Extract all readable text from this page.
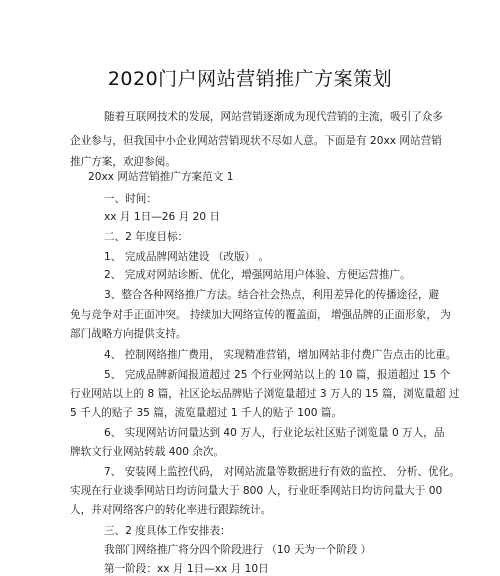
2020门户网站营销推广方案策划
随着互联网技术的发展，网站营销逐渐成为现代营销的主流，吸引了众多
企业参与，但我国中小企业网站营销现状不尽如人意。下面是有 20xx 网站营销
推广方案，欢迎参阅。
20xx 网站营销推广方案范文 1
一、时间：
xx 月 1日—26 月 20 日
二、2 年度目标：
1、 完成品牌网站建设 （改版） 。
2、 完成对网站诊断、优化，增强网站用户体验、方便运营推广。
3、整合各种网络推广方法。结合社会热点，利用差异化的传播途径，避
免与竞争对手正面冲突。 持续加大网络宣传的覆盖面， 增强品牌的正面形象， 为
部门战略方向提供支持。
4、 控制网络推广费用， 实现精准营销，增加网站非付费广告点击的比重。
5、 完成品牌新闻报道超过 25 个行业网站以上的 10 篇，报道超过 15 个
行业网站以上的 8 篇，社区论坛品牌贴子浏览量超过 3 万人的 15 篇，浏览量超 过
5 千人的贴子 35 篇，流览量超过 1 千人的贴子 100 篇。
6、 实现网站访问量达到 40 万人，行业论坛社区贴子浏览量 0 万人，品
牌软文行业网站转载 400 余次。
7、 安装网上监控代码， 对网站流量等数据进行有效的监控、 分析、优化。
实现在行业谈季网站日均访问量大于 800 人，行业旺季网站日均访问量大于 00
人，并对网络客户的转化率进行跟踪统计。
三、2 度具体工作安排表：
我部门网络推广将分四个阶段进行 （10 天为一个阶段 ）
第一阶段：xx 月 1日—xx 月 10日
